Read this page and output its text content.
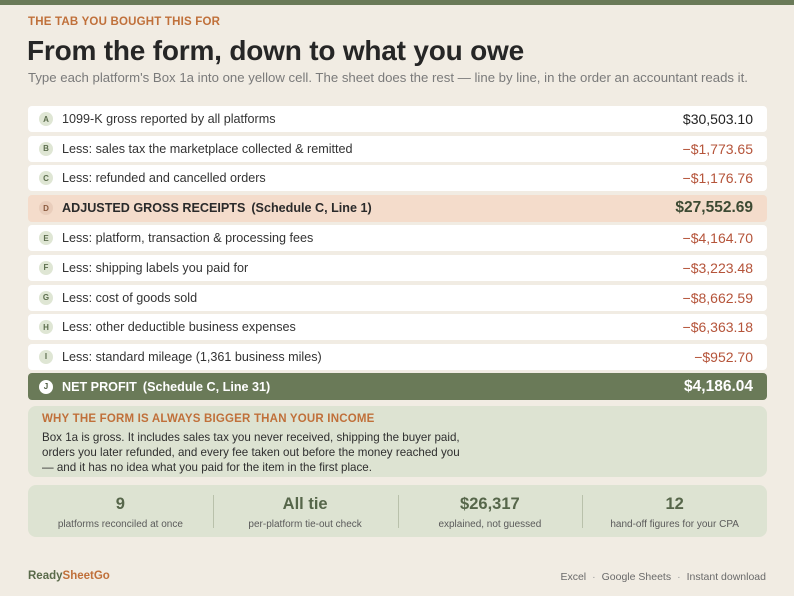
THE TAB YOU BOUGHT THIS FOR
From the form, down to what you owe

Type each platform's Box 1a into one yellow cell. The sheet does the rest — line by line, in the order an accountant reads it.

A	1099-K gross reported by all platforms	$30,503.10
B	Less: sales tax the marketplace collected & remitted	−$1,773.65
C	Less: refunded and cancelled orders	−$1,176.76
D	ADJUSTED GROSS RECEIPTS (Schedule C, Line 1)	$27,552.69
E	Less: platform, transaction & processing fees	−$4,164.70
F	Less: shipping labels you paid for	−$3,223.48
G	Less: cost of goods sold	−$8,662.59
H	Less: other deductible business expenses	−$6,363.18
I	Less: standard mileage (1,361 business miles)	−$952.70
J	NET PROFIT (Schedule C, Line 31)	$4,186.04
WHY THE FORM IS ALWAYS BIGGER THAN YOUR INCOME
Box 1a is gross. It includes sales tax you never received, shipping the buyer paid, orders you later refunded, and every fee taken out before the money reached you — and it has no idea what you paid for the item in the first place.
9
platforms reconciled at once
All tie
per-platform tie-out check
$26,317
explained, not guessed
12
hand-off figures for your CPA
ReadySheetGo	Excel · Google Sheets · Instant download
